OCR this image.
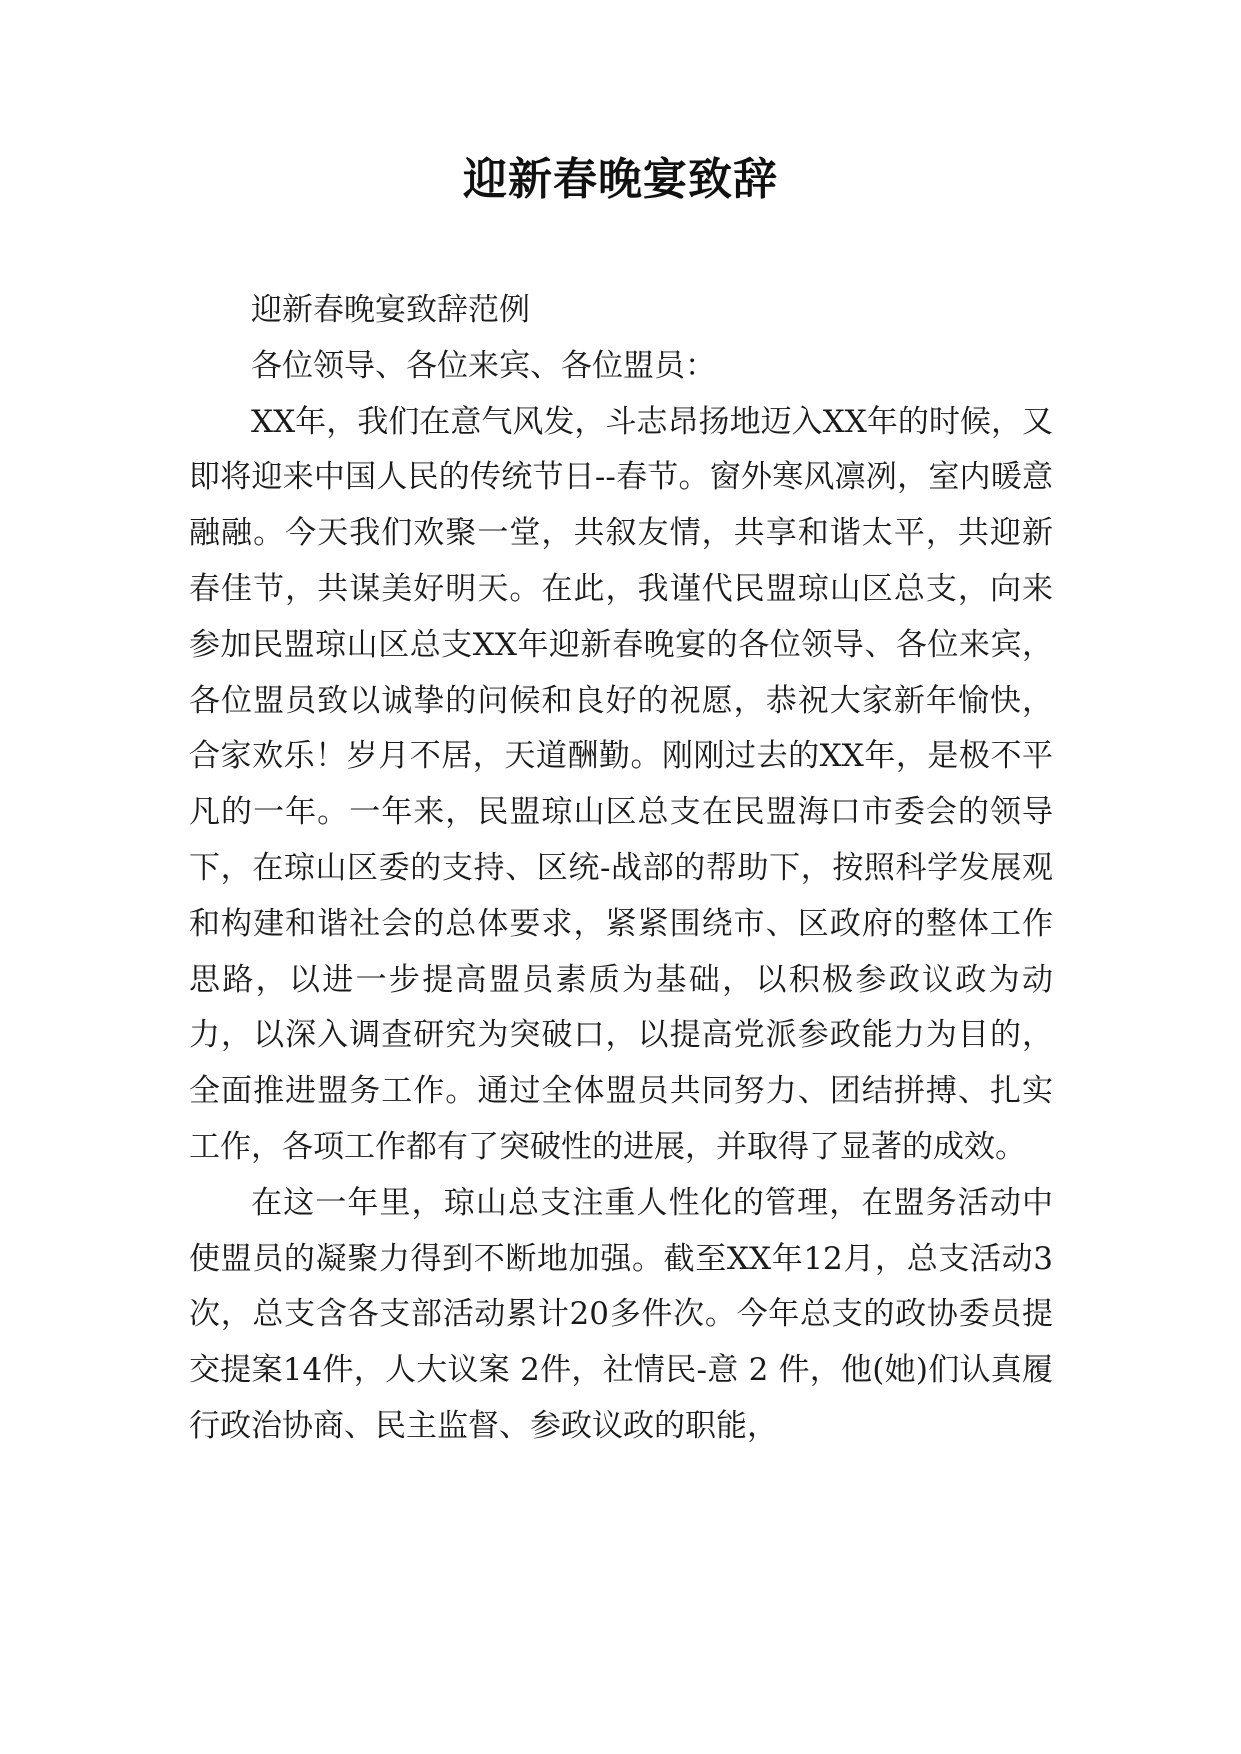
迎新春晚宴致辞

迎新春晚宴致辞范例

各位领导、各位来宾、各位盟员：

XX年，我们在意气风发，斗志昂扬地迈入XX年的时候，又即将迎来中国人民的传统节日--春节。窗外寒风凛冽，室内暖意融融。今天我们欢聚一堂，共叙友情，共享和谐太平，共迎新春佳节，共谋美好明天。在此，我谨代民盟琼山区总支，向来参加民盟琼山区总支XX年迎新春晚宴的各位领导、各位来宾，各位盟员致以诚挚的问候和良好的祝愿，恭祝大家新年愉快，合家欢乐！岁月不居，天道酬勤。刚刚过去的XX年，是极不平凡的一年。一年来，民盟琼山区总支在民盟海口市委会的领导下，在琼山区委的支持、区统-战部的帮助下，按照科学发展观和构建和谐社会的总体要求，紧紧围绕市、区政府的整体工作思路，以进一步提高盟员素质为基础，以积极参政议政为动力，以深入调查研究为突破口，以提高党派参政能力为目的，全面推进盟务工作。通过全体盟员共同努力、团结拼搏、扎实工作，各项工作都有了突破性的进展，并取得了显著的成效。

在这一年里，琼山总支注重人性化的管理，在盟务活动中使盟员的凝聚力得到不断地加强。截至XX年12月，总支活动3次，总支含各支部活动累计20多件次。今年总支的政协委员提交提案14件，人大议案 2件，社情民-意 2 件，他(她)们认真履行政治协商、民主监督、参政议政的职能，
